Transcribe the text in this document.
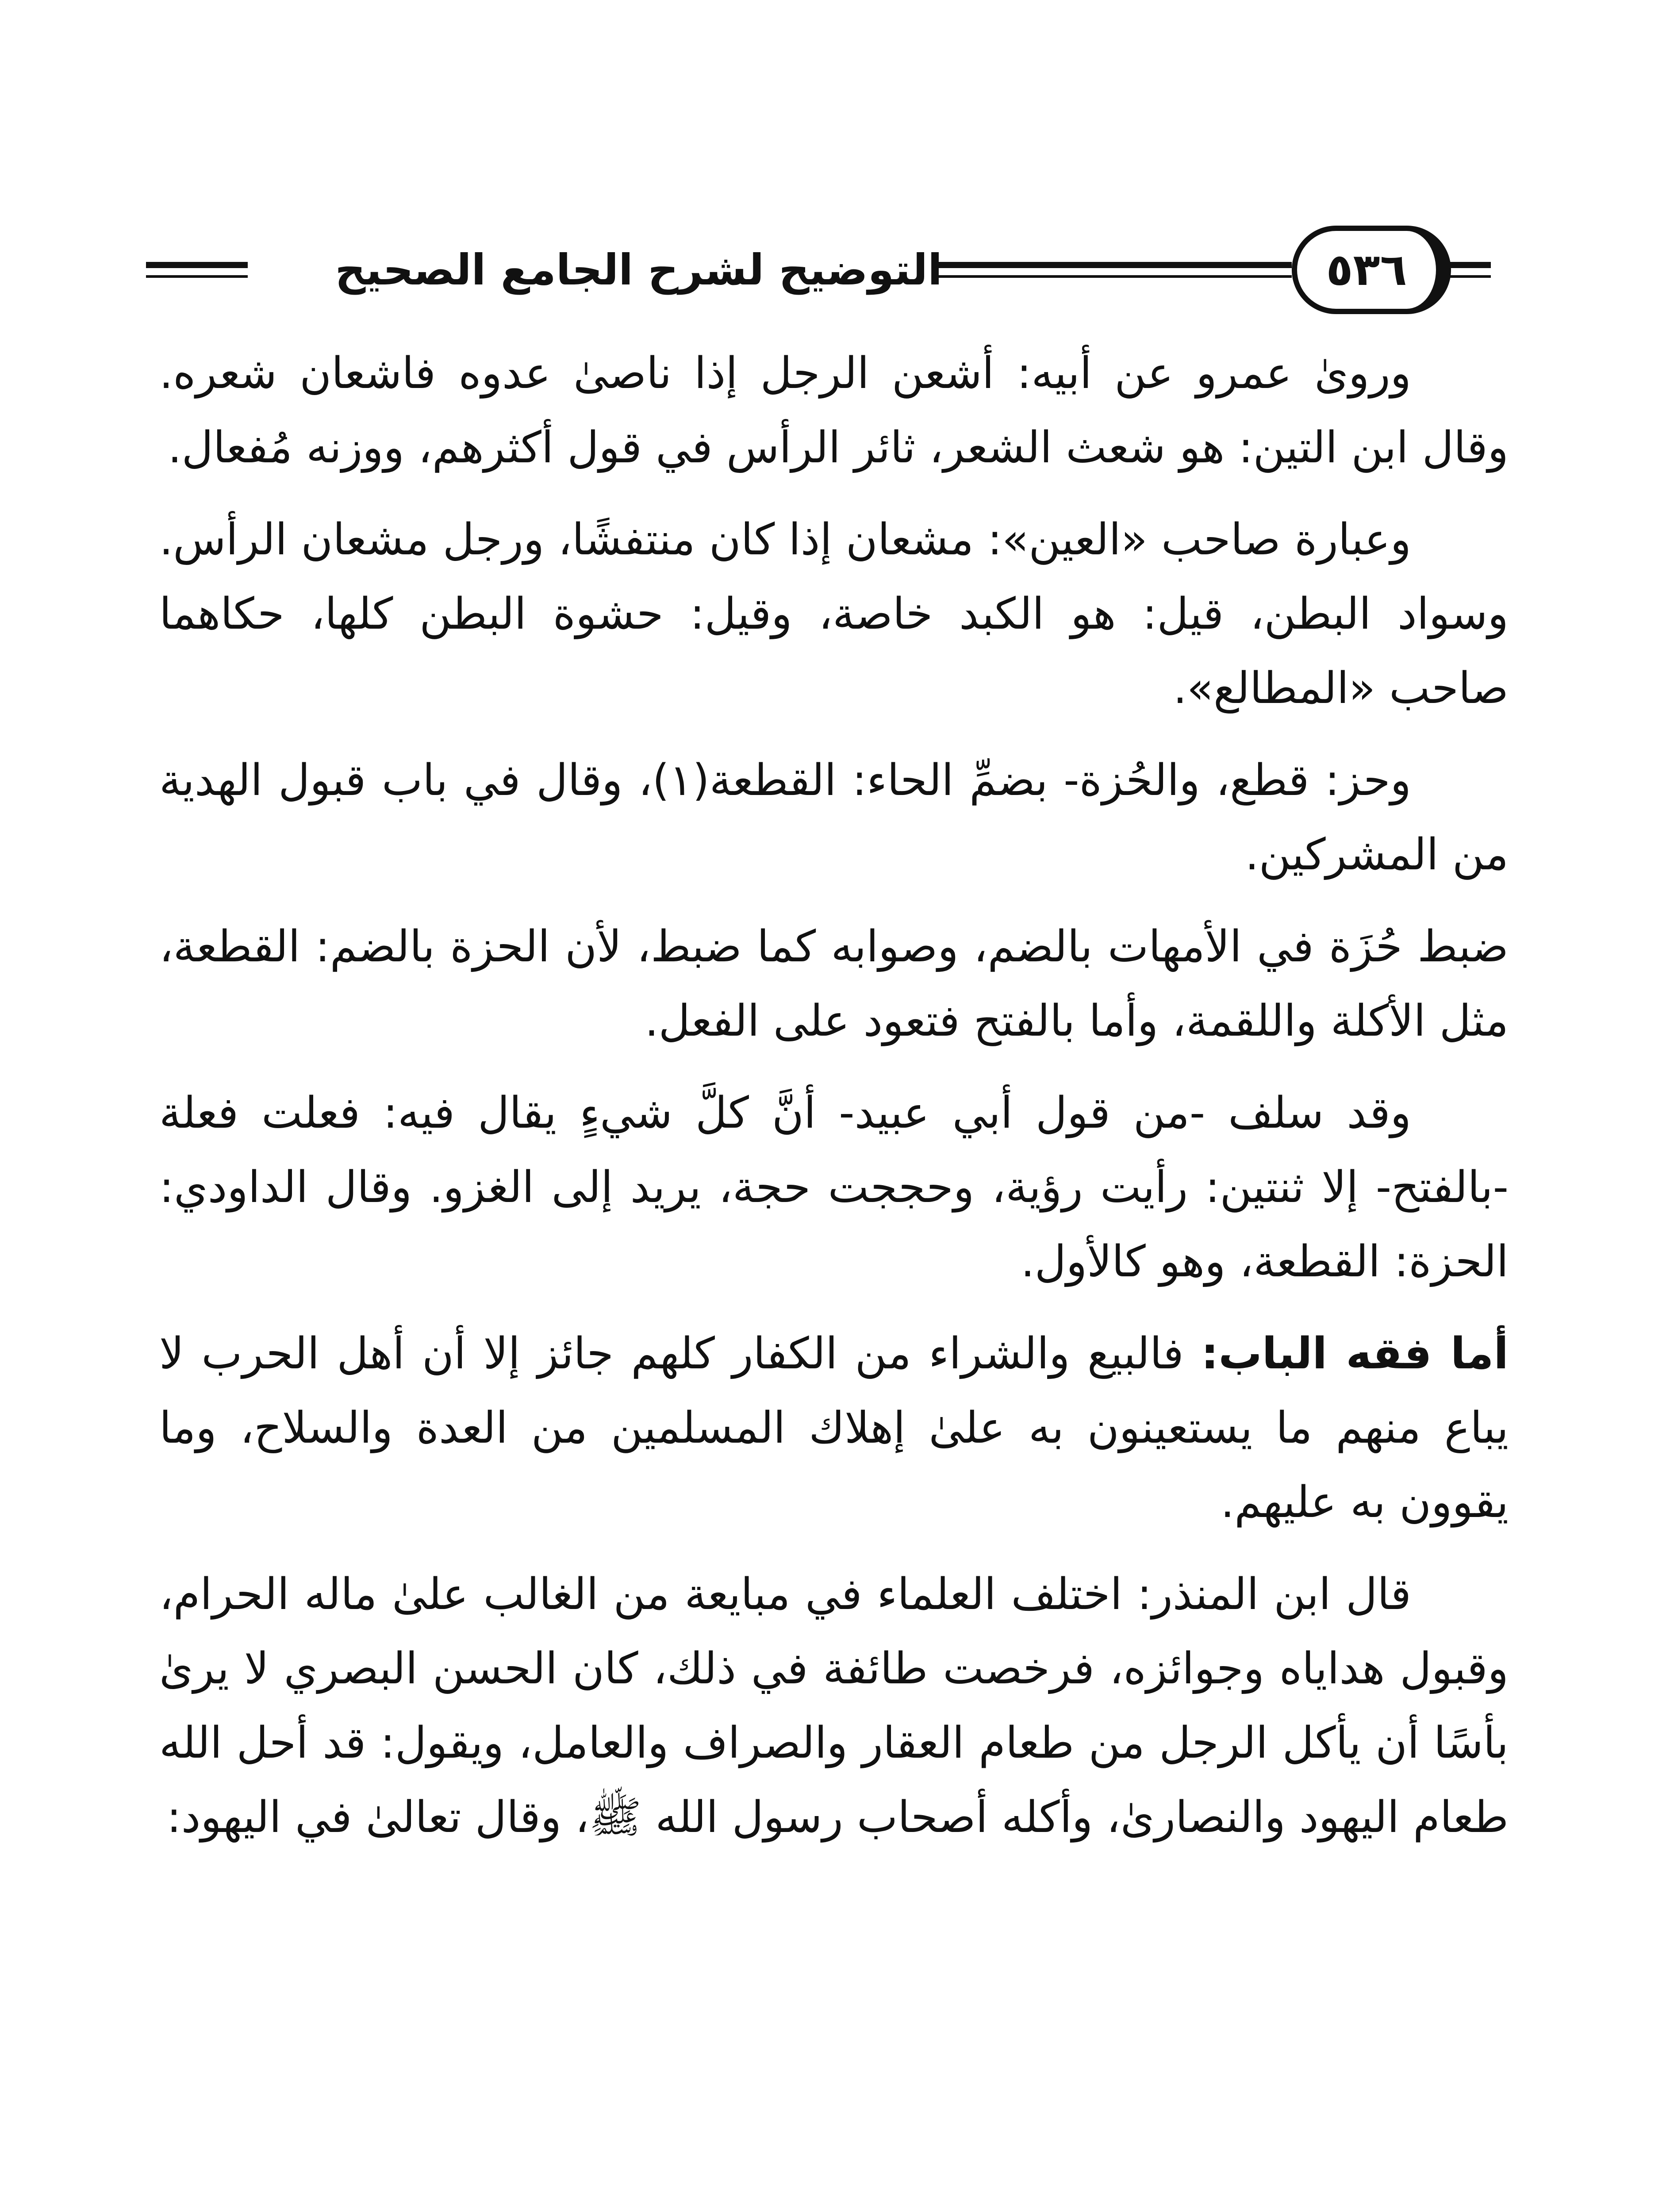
التوضيح لشرح الجامع الصحيح	٥٣٦

ورویٰ عمرو عن أبيه: أشعن الرجل إذا ناصیٰ عدوه فاشعان شعره. وقال ابن التين: هو شعث الشعر، ثائر الرأس في قول أكثرهم، ووزنه مُفعال.

وعبارة صاحب «العين»: مشعان إذا كان منتفشًا، ورجل مشعان الرأس. وسواد البطن، قيل: هو الكبد خاصة، وقيل: حشوة البطن كلها، حكاهما صاحب «المطالع».

وحز: قطع، والحُزة- بضمِّ الحاء: القطعة(١)، وقال في باب قبول الهدية من المشركين.

ضبط حُزَة في الأمهات بالضم، وصوابه كما ضبط، لأن الحزة بالضم: القطعة، مثل الأكلة واللقمة، وأما بالفتح فتعود على الفعل.

وقد سلف -من قول أبي عبيد- أنَّ كلَّ شيءٍ يقال فيه: فعلت فعلة -بالفتح- إلا ثنتين: رأيت رؤية، وحججت حجة، يريد إلى الغزو. وقال الداودي: الحزة: القطعة، وهو كالأول.

أما فقه الباب: فالبيع والشراء من الكفار كلهم جائز إلا أن أهل الحرب لا يباع منهم ما يستعينون به علیٰ إهلاك المسلمين من العدة والسلاح، وما يقوون به عليهم.

قال ابن المنذر: اختلف العلماء في مبايعة من الغالب علیٰ ماله الحرام، وقبول هداياه وجوائزه، فرخصت طائفة في ذلك، كان الحسن البصري لا یریٰ بأسًا أن يأكل الرجل من طعام العقار والصراف والعامل، ويقول: قد أحل الله طعام اليهود والنصاریٰ، وأكله أصحاب رسول الله ﷺ، وقال تعالیٰ في اليهود:
